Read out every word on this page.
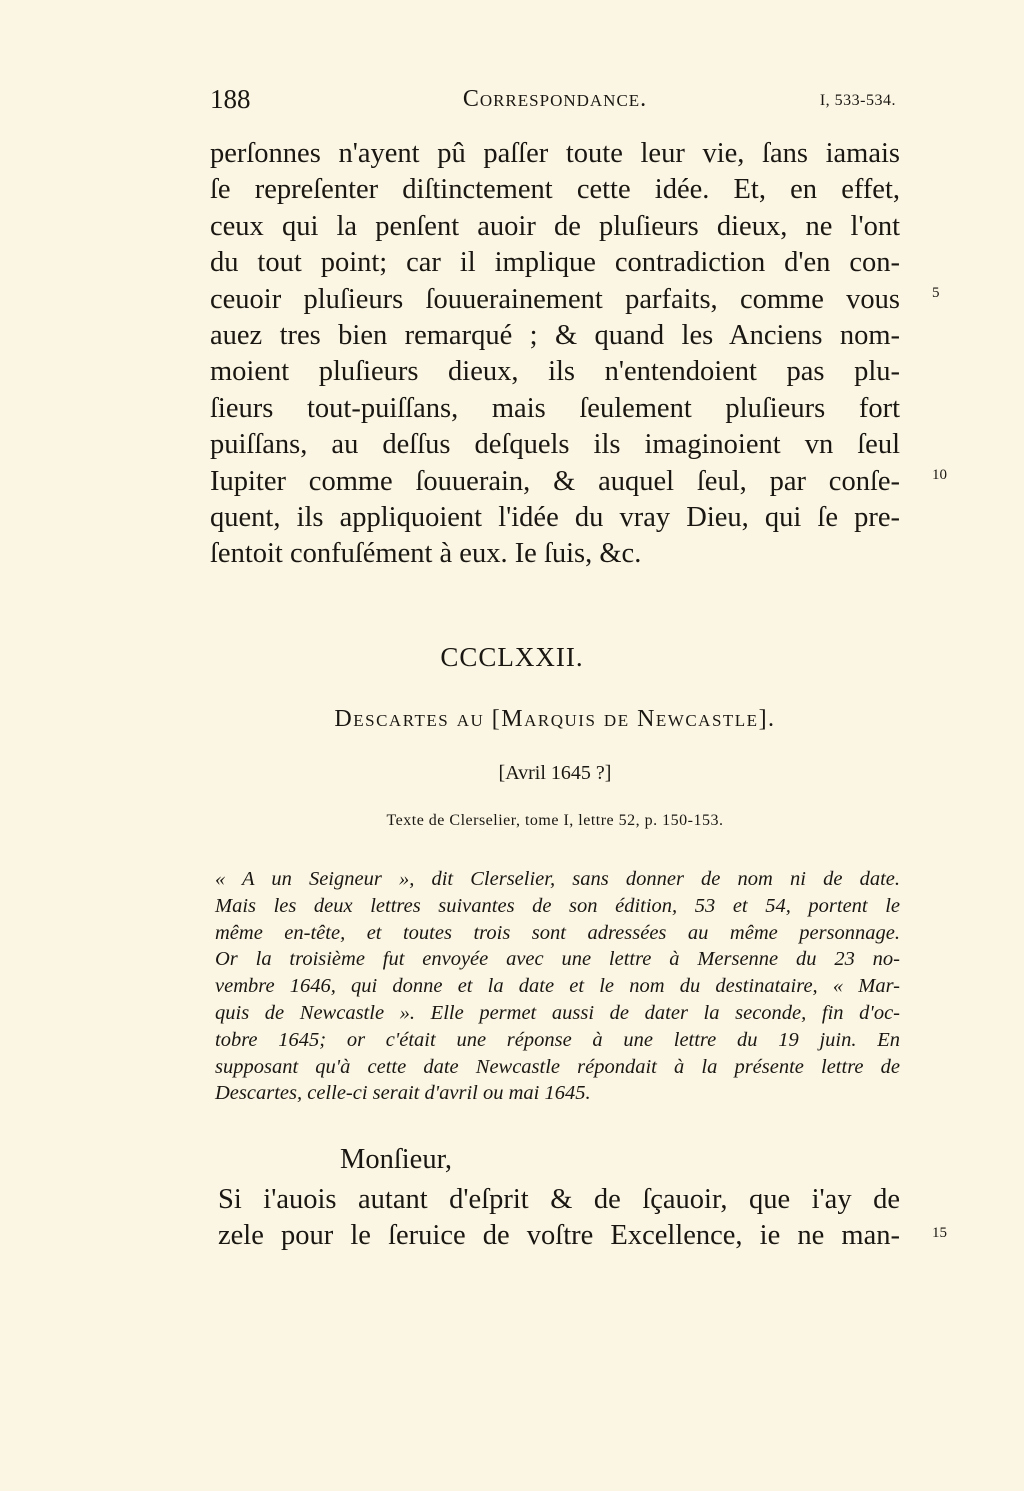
188	Correspondance.	I, 533-534.
perſonnes n'ayent pû paſſer toute leur vie, ſans iamais
ſe repreſenter diſtinctement cette idée. Et, en effet,
ceux qui la penſent auoir de pluſieurs dieux, ne l'ont
du tout point; car il implique contradiction d'en con-
ceuoir pluſieurs ſouuerainement parfaits, comme vous
auez tres bien remarqué ; & quand les Anciens nom-
moient pluſieurs dieux, ils n'entendoient pas plu-
ſieurs tout-puiſſans, mais ſeulement pluſieurs fort
puiſſans, au deſſus deſquels ils imaginoient vn ſeul
Iupiter comme ſouuerain, & auquel ſeul, par conſe-
quent, ils appliquoient l'idée du vray Dieu, qui ſe pre-
ſentoit confuſément à eux. Ie ſuis, &c.
5
10
CCCLXXII.
Descartes au [Marquis de Newcastle].
[Avril 1645 ?]
Texte de Clerselier, tome I, lettre 52, p. 150-153.
« A un Seigneur », dit Clerselier, sans donner de nom ni de date.
Mais les deux lettres suivantes de son édition, 53 et 54, portent le
même en-tête, et toutes trois sont adressées au même personnage.
Or la troisième fut envoyée avec une lettre à Mersenne du 23 no-
vembre 1646, qui donne et la date et le nom du destinataire, « Mar-
quis de Newcastle ». Elle permet aussi de dater la seconde, fin d'oc-
tobre 1645; or c'était une réponse à une lettre du 19 juin. En
supposant qu'à cette date Newcastle répondait à la présente lettre de
Descartes, celle-ci serait d'avril ou mai 1645.
Monſieur,
Si i'auois autant d'eſprit & de ſçauoir, que i'ay de
zele pour le ſeruice de voſtre Excellence, ie ne man- 15
